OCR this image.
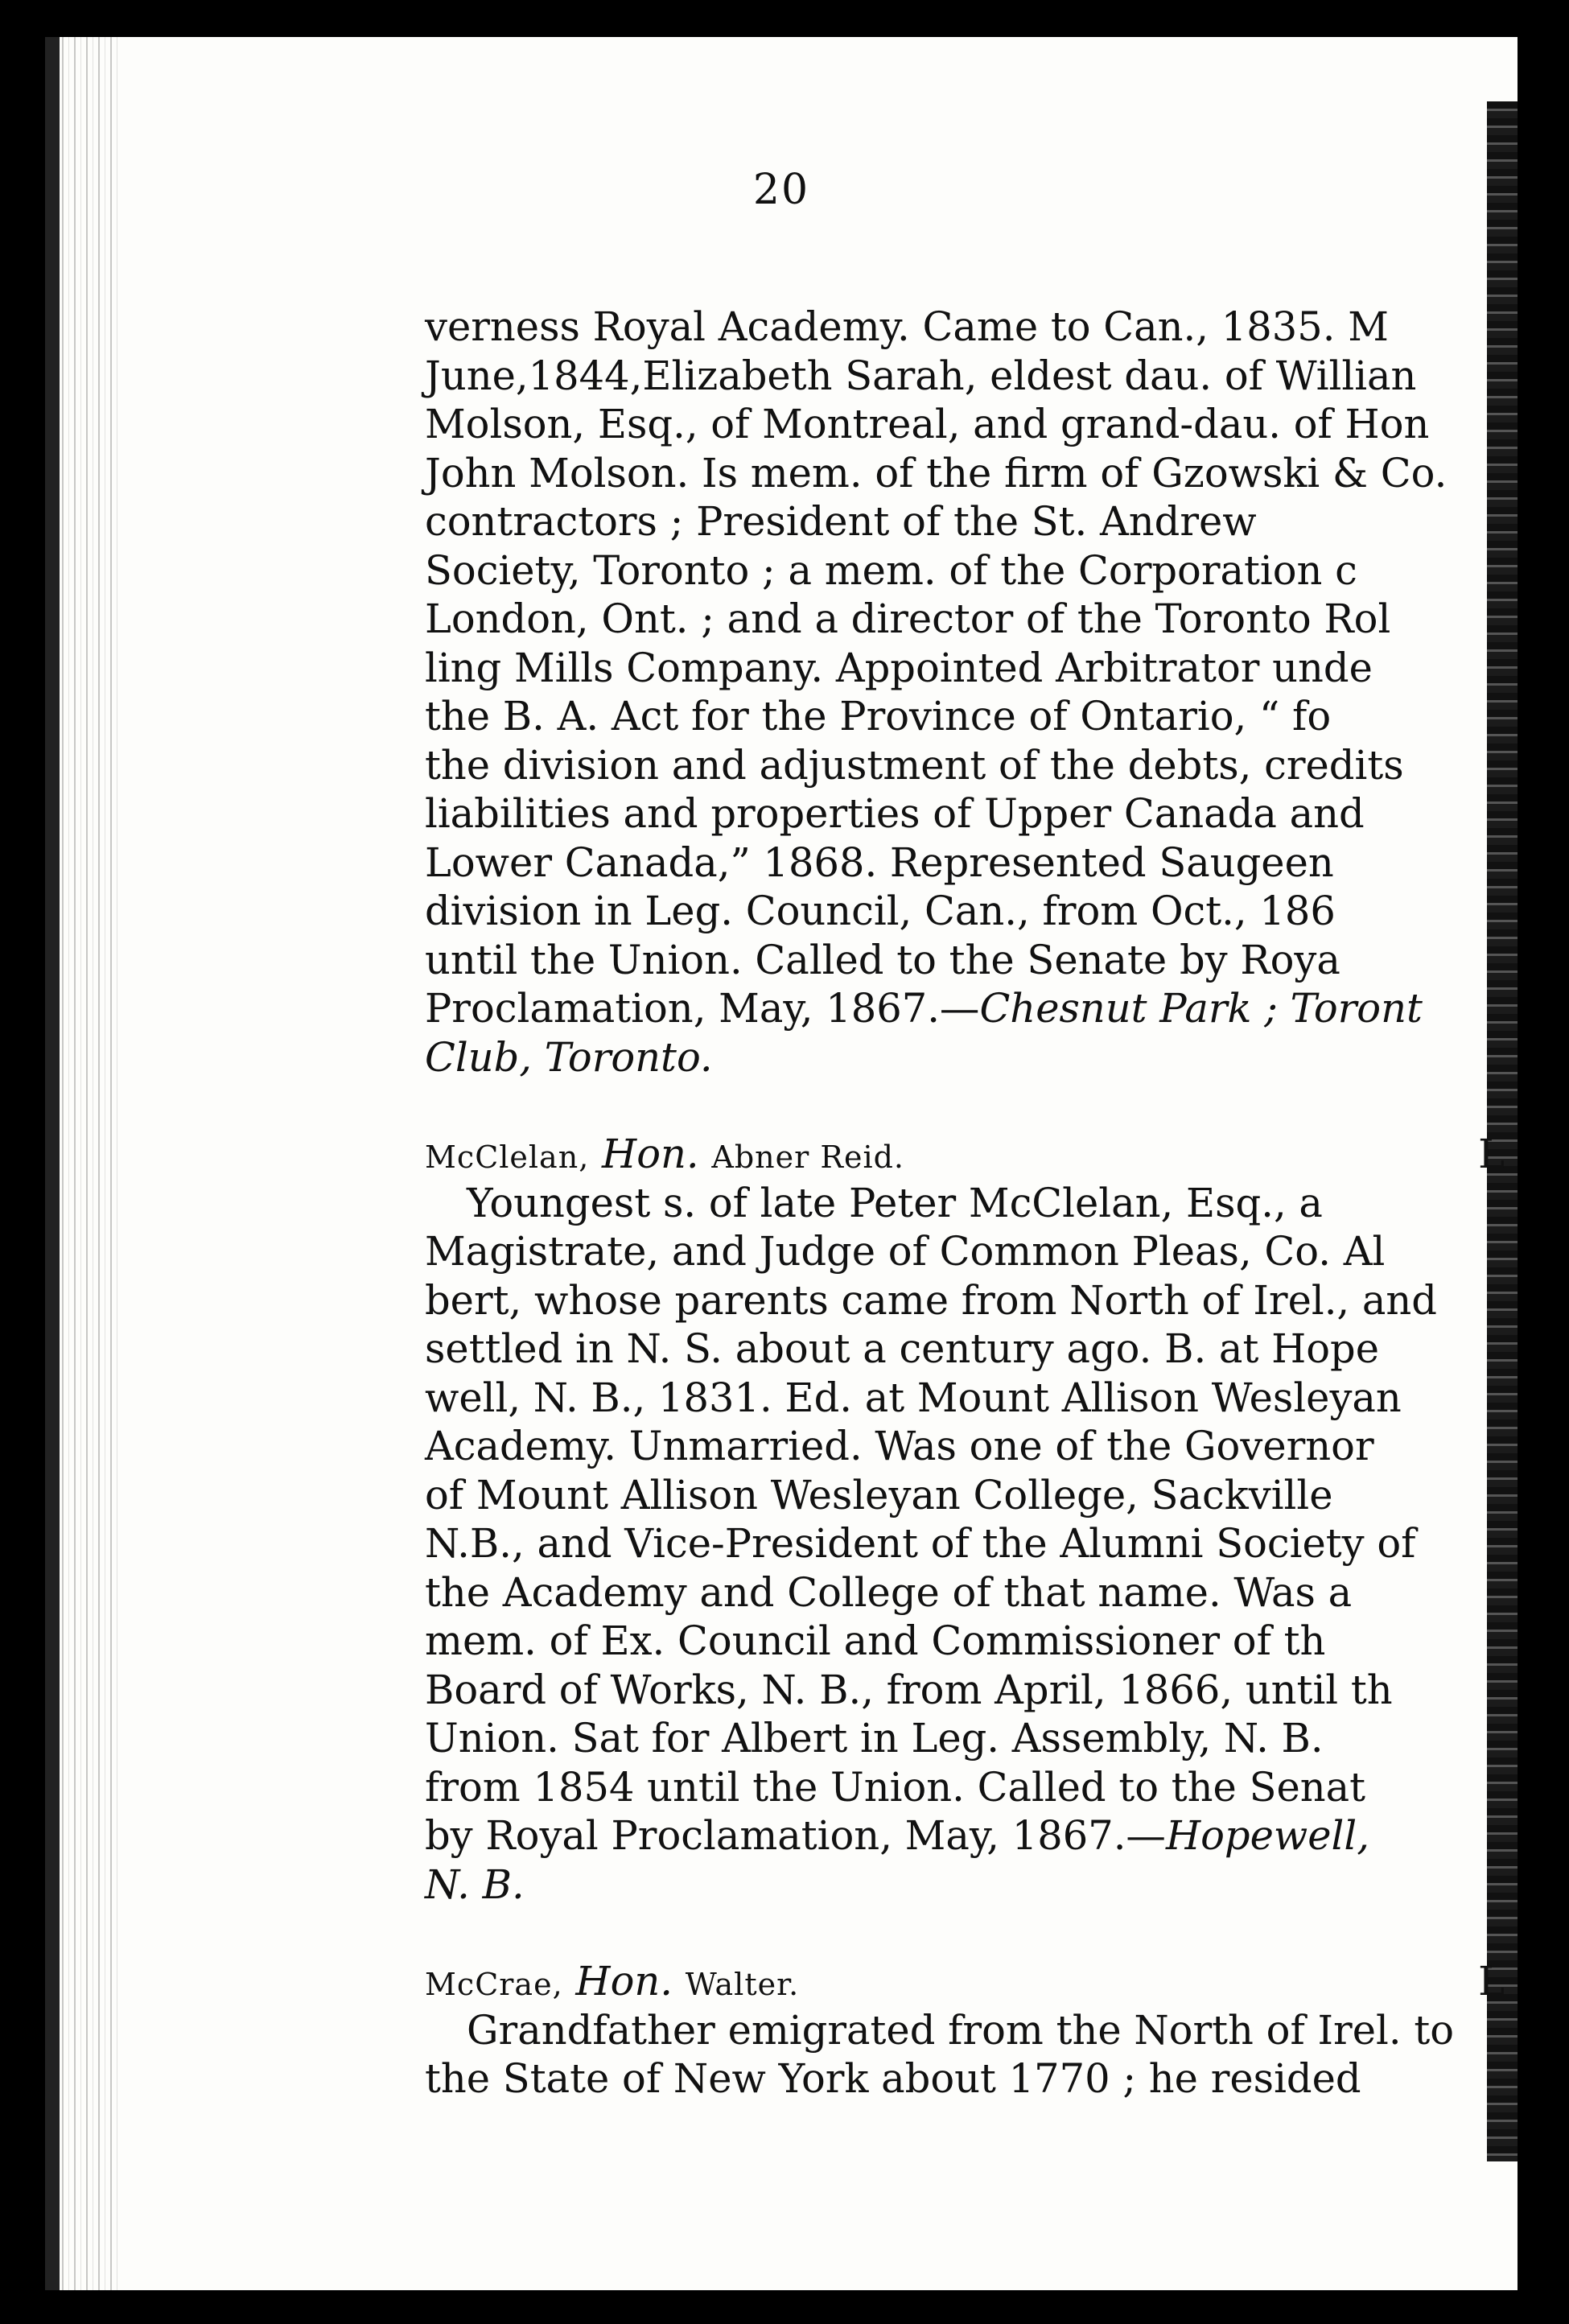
20
verness Royal Academy. Came to Can., 1835. M
June,1844,Elizabeth Sarah, eldest dau. of Willian
Molson, Esq., of Montreal, and grand-dau. of Hon
John Molson. Is mem. of the firm of Gzowski & Co.
contractors ; President of the St. Andrew
Society, Toronto ; a mem. of the Corporation c
London, Ont. ; and a director of the Toronto Rol
ling Mills Company. Appointed Arbitrator unde
the B. A. Act for the Province of Ontario, “ fo
the division and adjustment of the debts, credits
liabilities and properties of Upper Canada and
Lower Canada,” 1868. Represented Saugeen
division in Leg. Council, Can., from Oct., 186
until the Union. Called to the Senate by Roya
Proclamation, May, 1867.—Chesnut Park ; Toront
Club, Toronto.
McClelan, Hon. Abner Reid.	L
Youngest s. of late Peter McClelan, Esq., a
Magistrate, and Judge of Common Pleas, Co. Al
bert, whose parents came from North of Irel., and
settled in N. S. about a century ago. B. at Hope
well, N. B., 1831. Ed. at Mount Allison Wesleyan
Academy. Unmarried. Was one of the Governor
of Mount Allison Wesleyan College, Sackville
N.B., and Vice-President of the Alumni Society of
the Academy and College of that name. Was a
mem. of Ex. Council and Commissioner of th
Board of Works, N. B., from April, 1866, until th
Union. Sat for Albert in Leg. Assembly, N. B.
from 1854 until the Union. Called to the Senat
by Royal Proclamation, May, 1867.—Hopewell,
N. B.
McCrae, Hon. Walter.	L
Grandfather emigrated from the North of Irel. to
the State of New York about 1770 ; he resided
